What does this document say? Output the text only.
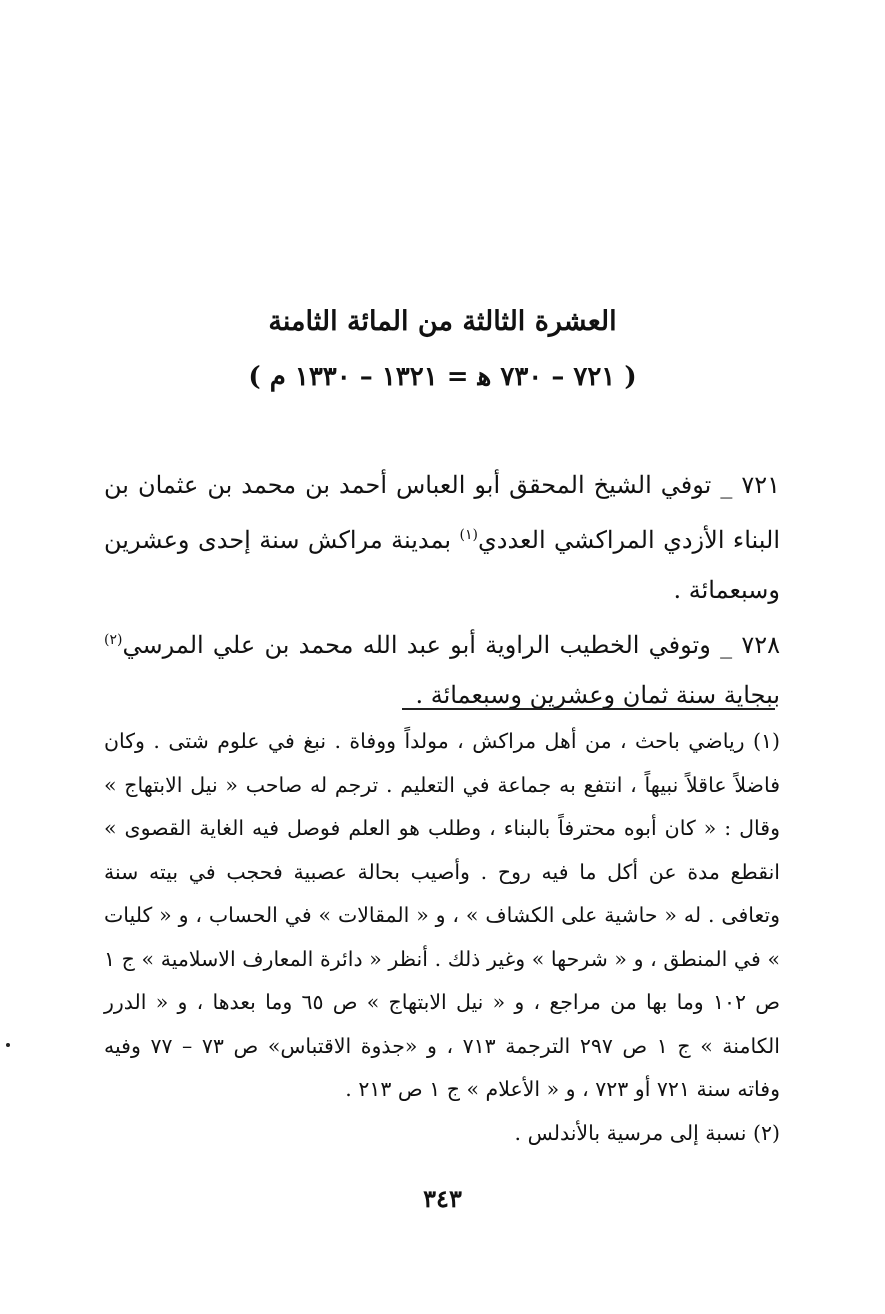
العشرة الثالثة من المائة الثامنة
( ٧٢١ – ٧٣٠ ه‍ = ١٣٢١ – ١٣٣٠ م )

٧٢١ _ توفي الشيخ المحقق أبو العباس أحمد بن محمد بن عثمان بن البناء الأزدي المراكشي العددي$^{(١)}$ بمدينة مراكش سنة إحدى وعشرين وسبعمائة .

٧٢٨ _ وتوفي الخطيب الراوية أبو عبد الله محمد بن علي المرسي$^{(٢)}$ ببجاية سنة ثمان وعشرين وسبعمائة .

(١) رياضي باحث ، من أهل مراكش ، مولداً ووفاة . نبغ في علوم شتى . وكان فاضلاً عاقلاً نبيهاً ، انتفع به جماعة في التعليم . ترجم له صاحب « نيل الابتهاج » وقال : « كان أبوه محترفاً بالبناء ، وطلب هو العلم فوصل فيه الغاية القصوى » انقطع مدة عن أكل ما فيه روح . وأصيب بحالة عصبية فحجب في بيته سنة وتعافى . له « حاشية على الكشاف » ، و « المقالات » في الحساب ، و « كليات » في المنطق ، و « شرحها » وغير ذلك . أنظر « دائرة المعارف الاسلامية » ج ١ ص ١٠٢ وما بها من مراجع ، و « نيل الابتهاج » ص ٦٥ وما بعدها ، و « الدرر الكامنة » ج ١ ص ٢٩٧ الترجمة ٧١٣ ، و «جذوة الاقتباس» ص ٧٣ – ٧٧ وفيه وفاته سنة ٧٢١ أو ٧٢٣ ، و « الأعلام » ج ١ ص ٢١٣ .

(٢) نسبة إلى مرسية بالأندلس .

٣٤٣
